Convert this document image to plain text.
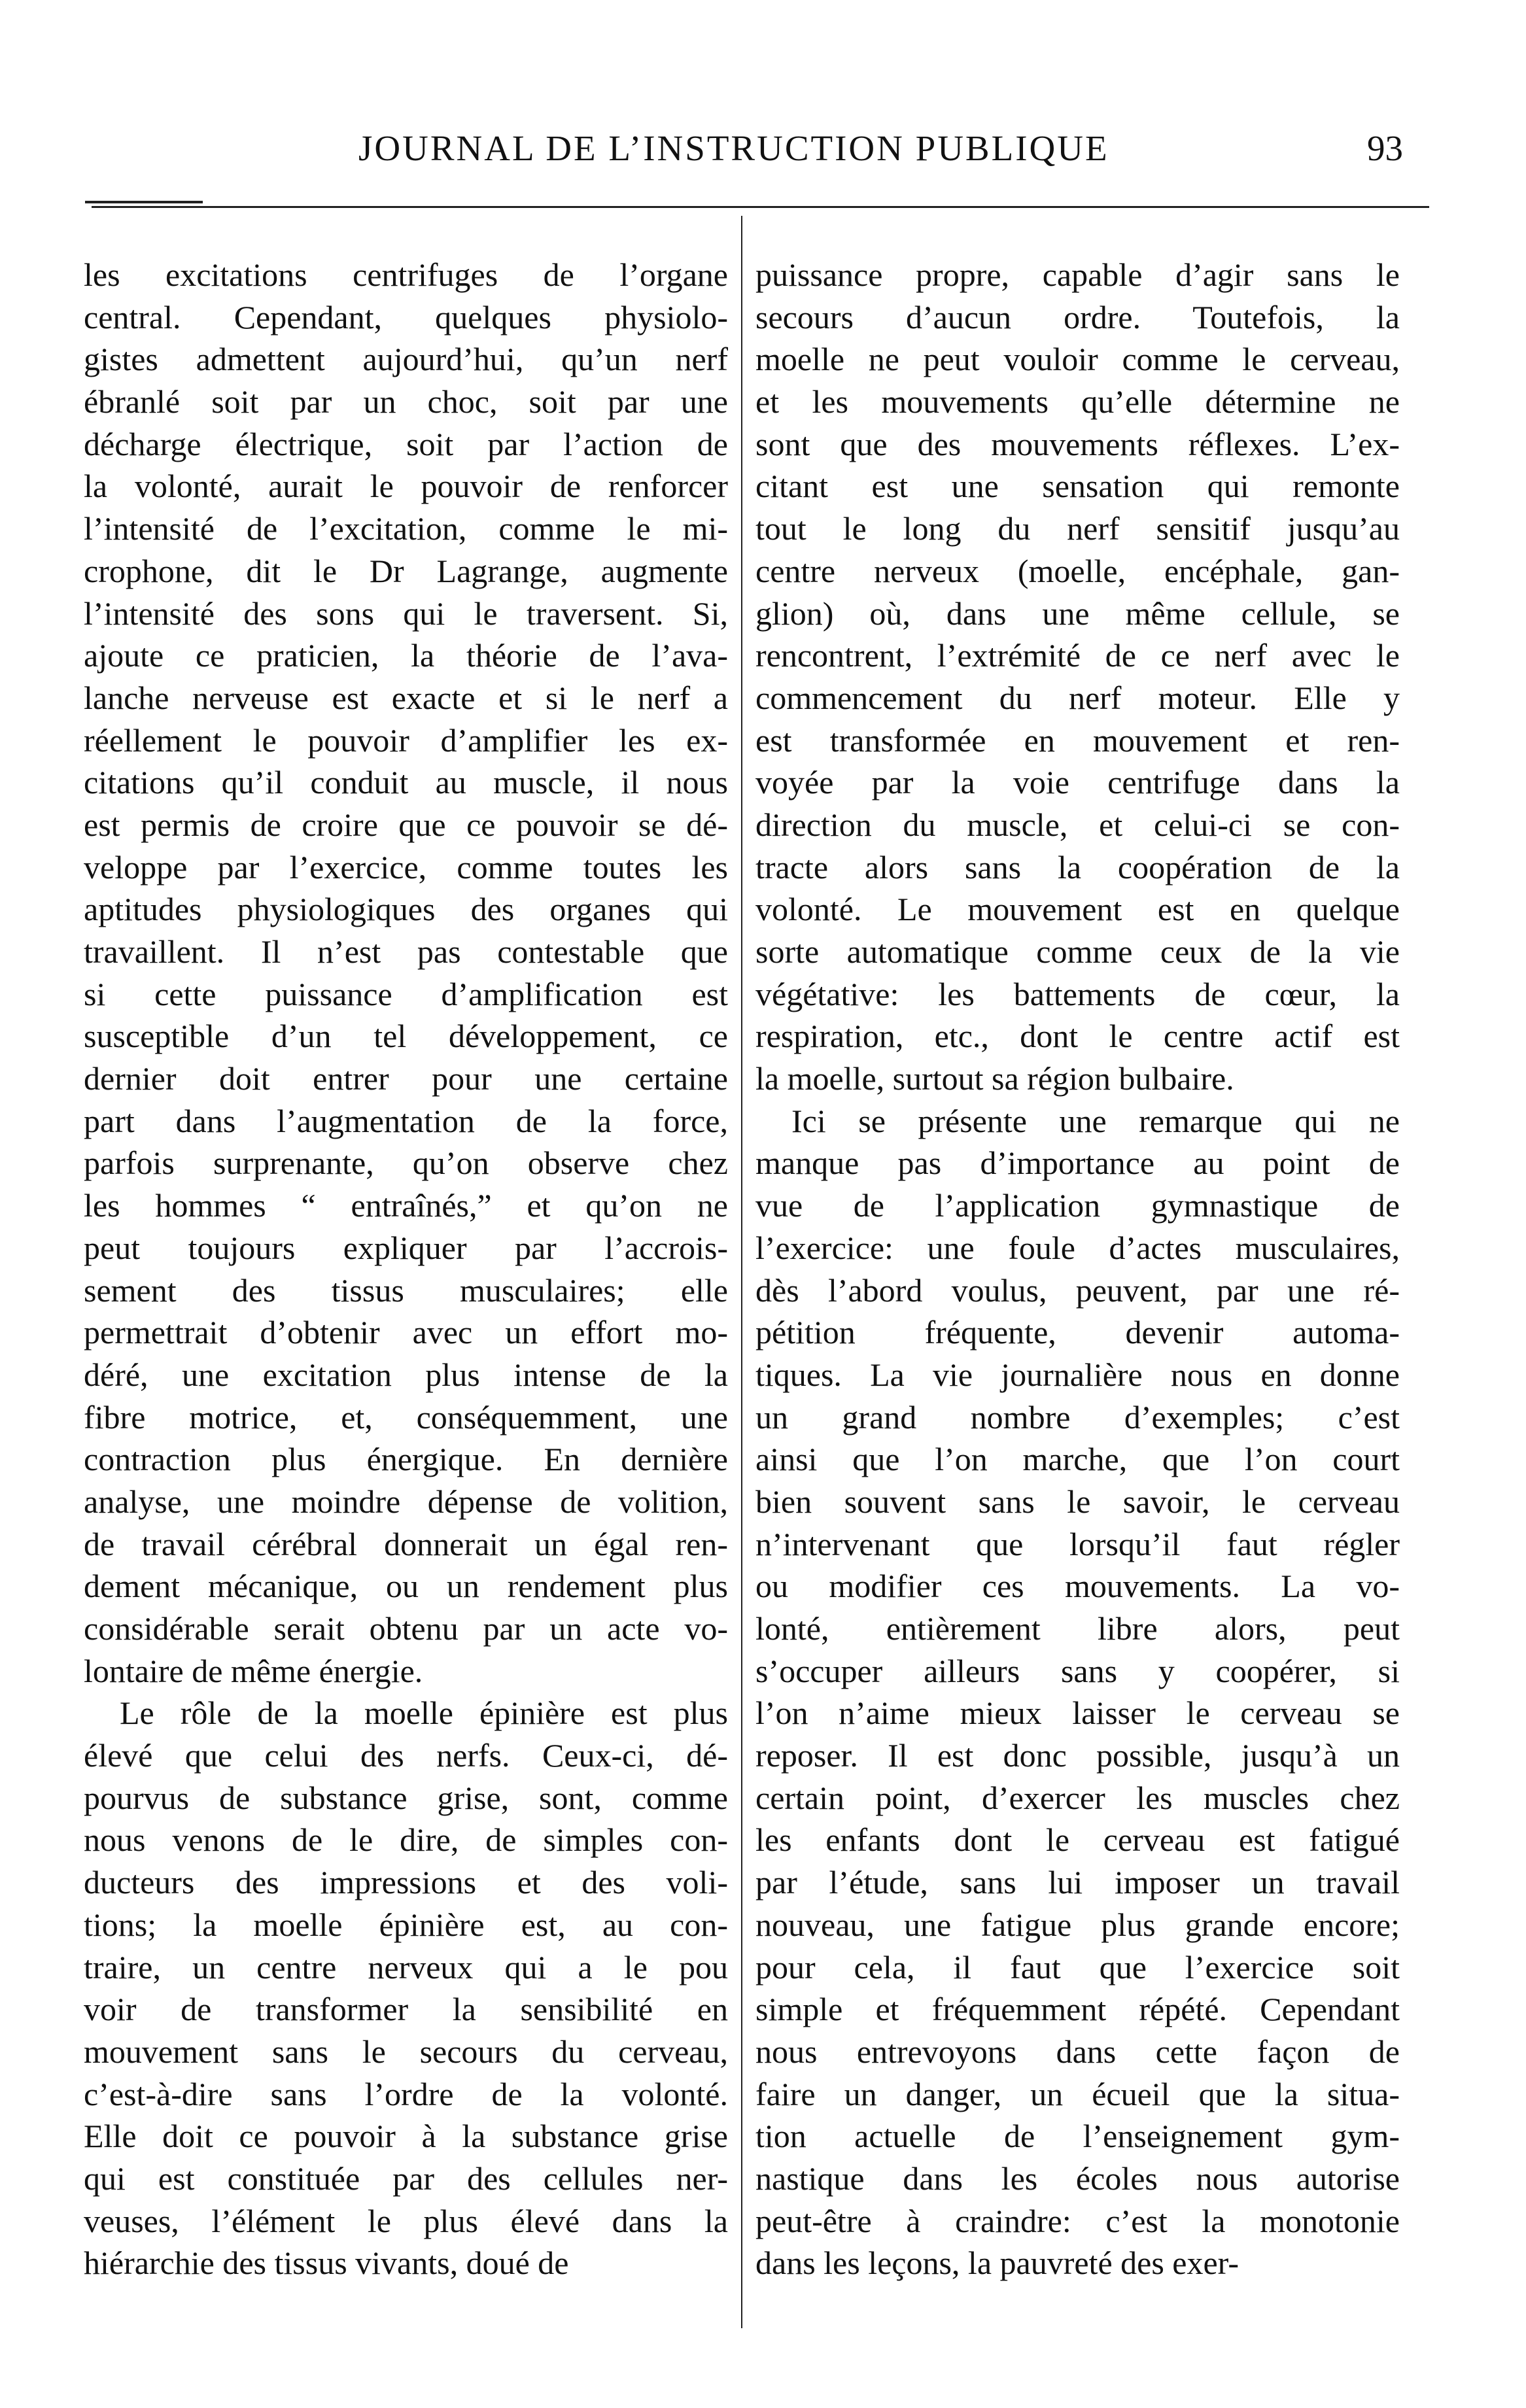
JOURNAL DE L’INSTRUCTION PUBLIQUE	93
les excitations centrifuges de l’organe
central. Cependant, quelques physiolo-
gistes admettent aujourd’hui, qu’un nerf
ébranlé soit par un choc, soit par une
décharge électrique, soit par l’action de
la volonté, aurait le pouvoir de renforcer
l’intensité de l’excitation, comme le mi-
crophone, dit le Dr Lagrange, augmente
l’intensité des sons qui le traversent. Si,
ajoute ce praticien, la théorie de l’ava-
lanche nerveuse est exacte et si le nerf a
réellement le pouvoir d’amplifier les ex-
citations qu’il conduit au muscle, il nous
est permis de croire que ce pouvoir se dé-
veloppe par l’exercice, comme toutes les
aptitudes physiologiques des organes qui
travaillent. Il n’est pas contestable que
si cette puissance d’amplification est
susceptible d’un tel développement, ce
dernier doit entrer pour une certaine
part dans l’augmentation de la force,
parfois surprenante, qu’on observe chez
les hommes “ entraînés,” et qu’on ne
peut toujours expliquer par l’accrois-
sement des tissus musculaires; elle
permettrait d’obtenir avec un effort mo-
déré, une excitation plus intense de la
fibre motrice, et, conséquemment, une
contraction plus énergique. En dernière
analyse, une moindre dépense de volition,
de travail cérébral donnerait un égal ren-
dement mécanique, ou un rendement plus
considérable serait obtenu par un acte vo-
lontaire de même énergie.
Le rôle de la moelle épinière est plus
élevé que celui des nerfs. Ceux-ci, dé-
pourvus de substance grise, sont, comme
nous venons de le dire, de simples con-
ducteurs des impressions et des voli-
tions; la moelle épinière est, au con-
traire, un centre nerveux qui a le pou
voir de transformer la sensibilité en
mouvement sans le secours du cerveau,
c’est-à-dire sans l’ordre de la volonté.
Elle doit ce pouvoir à la substance grise
qui est constituée par des cellules ner-
veuses, l’élément le plus élevé dans la
hiérarchie des tissus vivants, doué de
puissance propre, capable d’agir sans le
secours d’aucun ordre. Toutefois, la
moelle ne peut vouloir comme le cerveau,
et les mouvements qu’elle détermine ne
sont que des mouvements réflexes. L’ex-
citant est une sensation qui remonte
tout le long du nerf sensitif jusqu’au
centre nerveux (moelle, encéphale, gan-
glion) où, dans une même cellule, se
rencontrent, l’extrémité de ce nerf avec le
commencement du nerf moteur. Elle y
est transformée en mouvement et ren-
voyée par la voie centrifuge dans la
direction du muscle, et celui-ci se con-
tracte alors sans la coopération de la
volonté. Le mouvement est en quelque
sorte automatique comme ceux de la vie
végétative: les battements de cœur, la
respiration, etc., dont le centre actif est
la moelle, surtout sa région bulbaire.
Ici se présente une remarque qui ne
manque pas d’importance au point de
vue de l’application gymnastique de
l’exercice: une foule d’actes musculaires,
dès l’abord voulus, peuvent, par une ré-
pétition fréquente, devenir automa-
tiques. La vie journalière nous en donne
un grand nombre d’exemples; c’est
ainsi que l’on marche, que l’on court
bien souvent sans le savoir, le cerveau
n’intervenant que lorsqu’il faut régler
ou modifier ces mouvements. La vo-
lonté, entièrement libre alors, peut
s’occuper ailleurs sans y coopérer, si
l’on n’aime mieux laisser le cerveau se
reposer. Il est donc possible, jusqu’à un
certain point, d’exercer les muscles chez
les enfants dont le cerveau est fatigué
par l’étude, sans lui imposer un travail
nouveau, une fatigue plus grande encore;
pour cela, il faut que l’exercice soit
simple et fréquemment répété. Cependant
nous entrevoyons dans cette façon de
faire un danger, un écueil que la situa-
tion actuelle de l’enseignement gym-
nastique dans les écoles nous autorise
peut-être à craindre: c’est la monotonie
dans les leçons, la pauvreté des exer-
